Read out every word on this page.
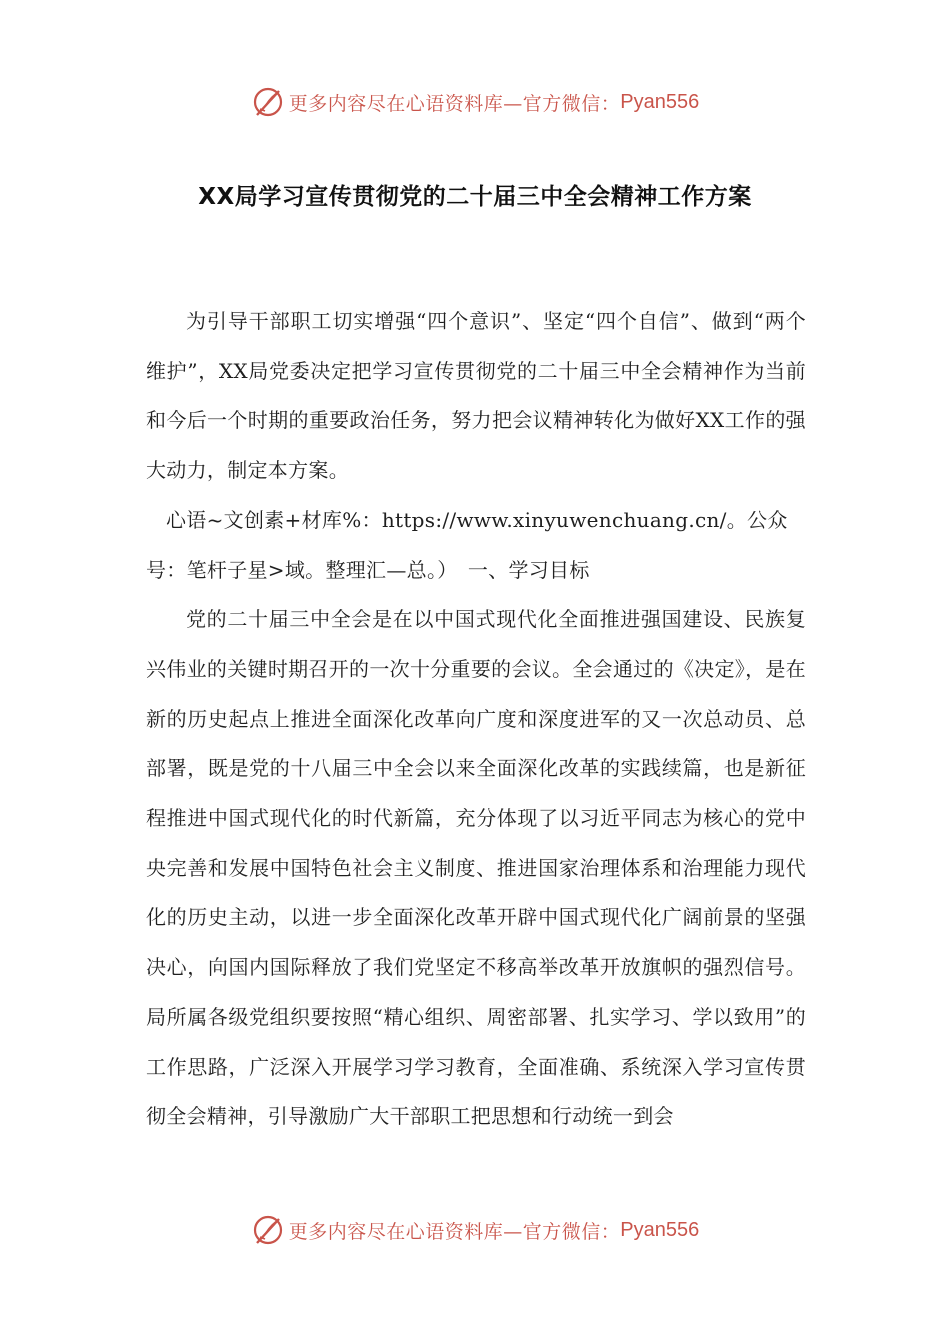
更多内容尽在心语资料库—官方微信： Pyan556
XX局学习宣传贯彻党的二十届三中全会精神工作方案

为引导干部职工切实增强“四个意识”、坚定“四个自信”、做到“两个维护”，XX局党委决定把学习宣传贯彻党的二十届三中全会精神作为当前和今后一个时期的重要政治任务，努力把会议精神转化为做好XX工作的强大动力，制定本方案。

心语~文创素+材库%：https://www.xinyuwenchuang.cn/。公众号：笔杆子星>域。整理汇—总。）　一、学习目标

党的二十届三中全会是在以中国式现代化全面推进强国建设、民族复兴伟业的关键时期召开的一次十分重要的会议。全会通过的《决定》，是在新的历史起点上推进全面深化改革向广度和深度进军的又一次总动员、总部署，既是党的十八届三中全会以来全面深化改革的实践续篇，也是新征程推进中国式现代化的时代新篇，充分体现了以习近平同志为核心的党中央完善和发展中国特色社会主义制度、推进国家治理体系和治理能力现代化的历史主动，以进一步全面深化改革开辟中国式现代化广阔前景的坚强决心，向国内国际释放了我们党坚定不移高举改革开放旗帜的强烈信号。局所属各级党组织要按照“精心组织、周密部署、扎实学习、学以致用”的工作思路，广泛深入开展学习学习教育，全面准确、系统深入学习宣传贯彻全会精神，引导激励广大干部职工把思想和行动统一到会

更多内容尽在心语资料库—官方微信： Pyan556
